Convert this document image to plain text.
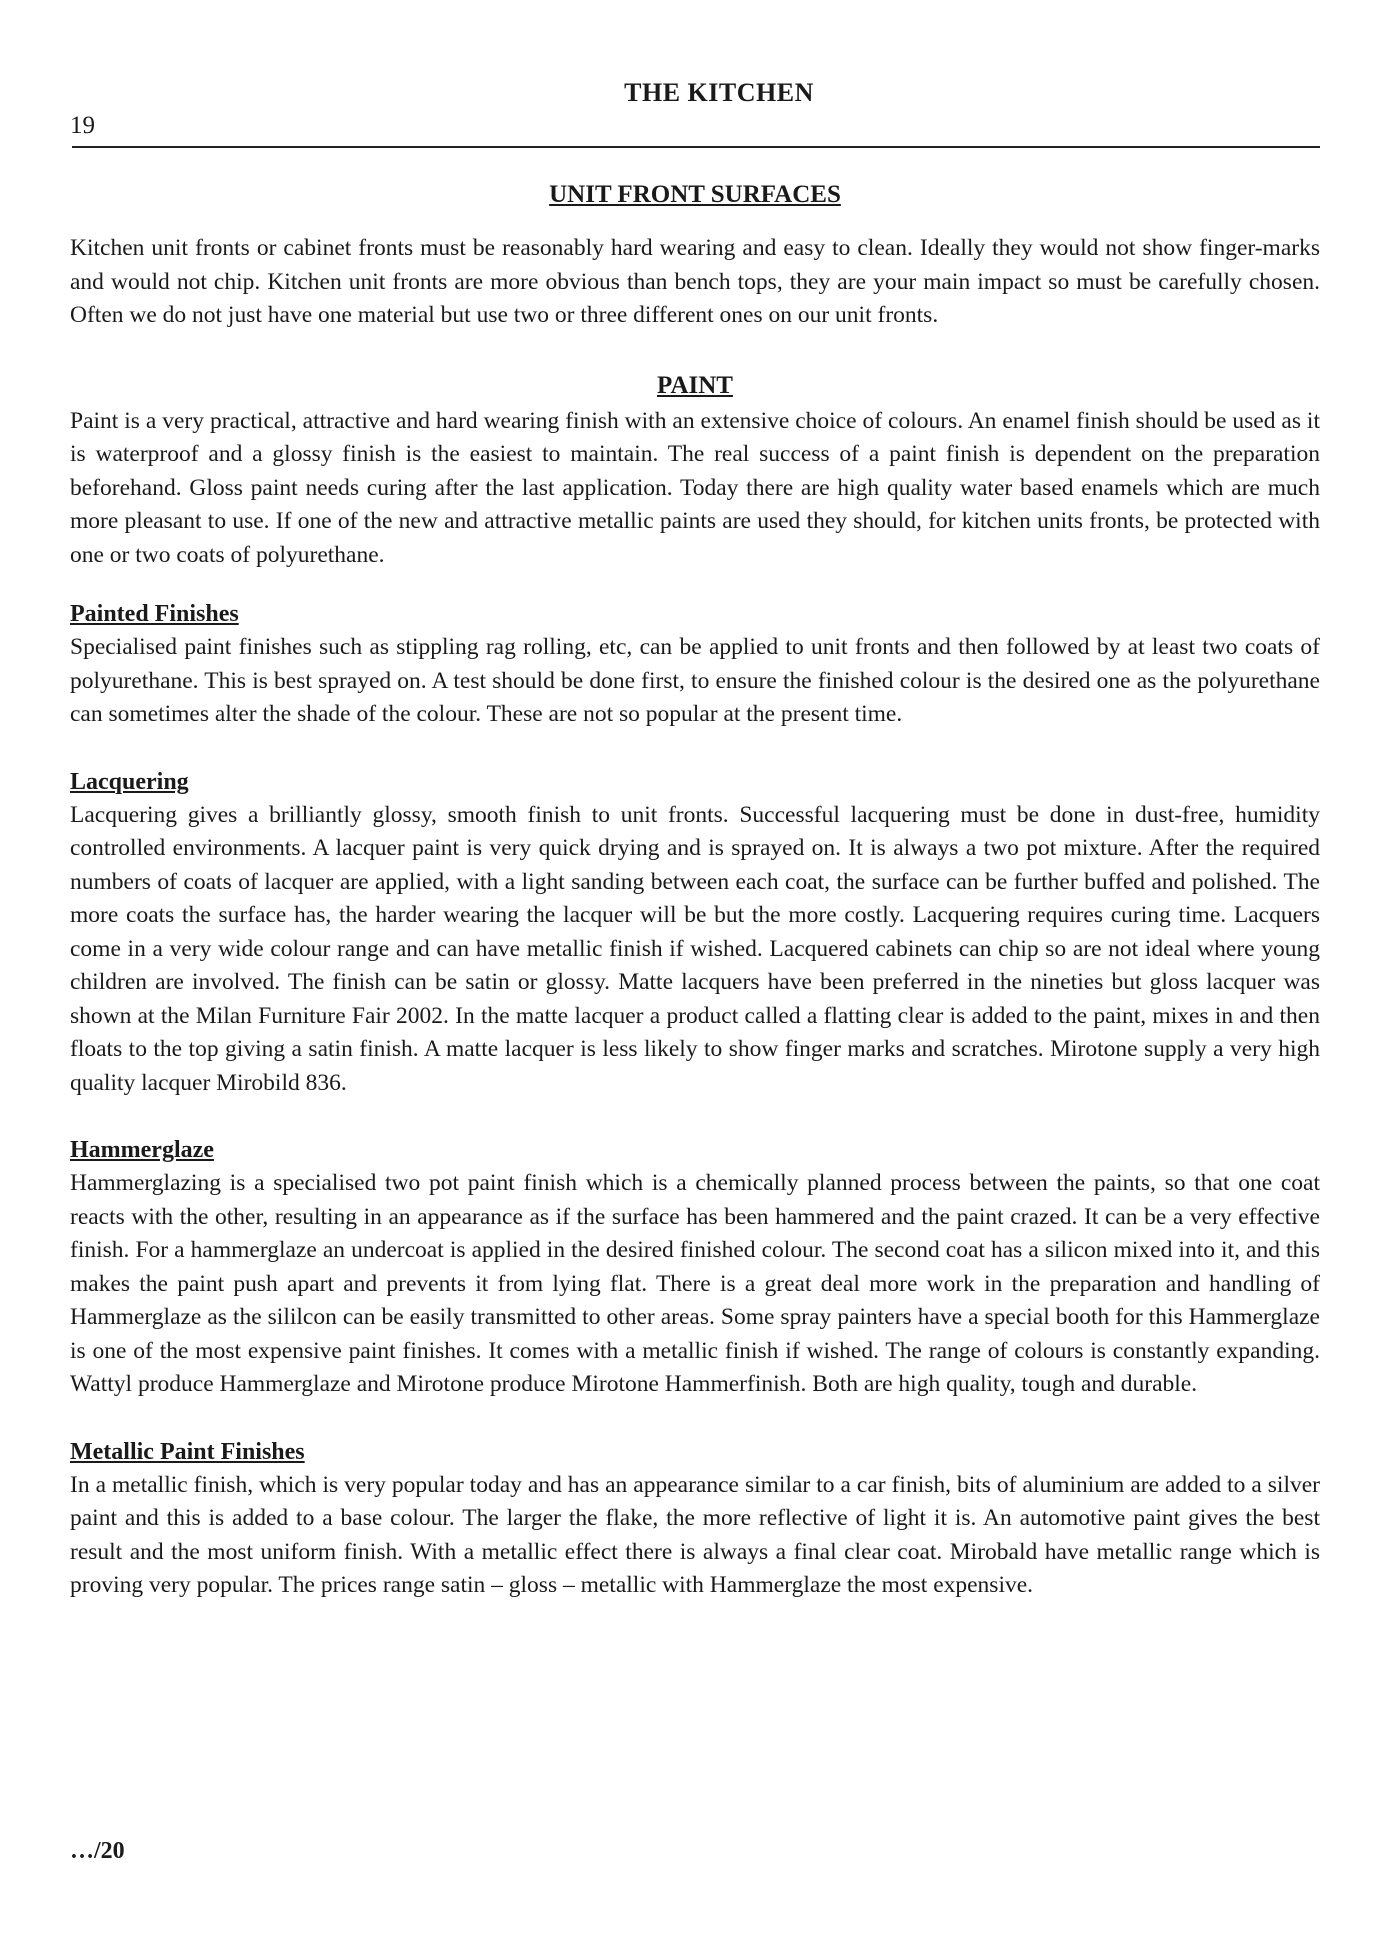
THE KITCHEN
19
UNIT FRONT SURFACES

Kitchen unit fronts or cabinet fronts must be reasonably hard wearing and easy to clean. Ideally they would not show finger-marks and would not chip. Kitchen unit fronts are more obvious than bench tops, they are your main impact so must be carefully chosen. Often we do not just have one material but use two or three different ones on our unit fronts.

PAINT

Paint is a very practical, attractive and hard wearing finish with an extensive choice of colours. An enamel finish should be used as it is waterproof and a glossy finish is the easiest to maintain. The real success of a paint finish is dependent on the preparation beforehand. Gloss paint needs curing after the last application. Today there are high quality water based enamels which are much more pleasant to use. If one of the new and attractive metallic paints are used they should, for kitchen units fronts, be protected with one or two coats of polyurethane.

Painted Finishes

Specialised paint finishes such as stippling rag rolling, etc, can be applied to unit fronts and then followed by at least two coats of polyurethane. This is best sprayed on. A test should be done first, to ensure the finished colour is the desired one as the polyurethane can sometimes alter the shade of the colour. These are not so popular at the present time.

Lacquering

Lacquering gives a brilliantly glossy, smooth finish to unit fronts. Successful lacquering must be done in dust-free, humidity controlled environments. A lacquer paint is very quick drying and is sprayed on. It is always a two pot mixture. After the required numbers of coats of lacquer are applied, with a light sanding between each coat, the surface can be further buffed and polished. The more coats the surface has, the harder wearing the lacquer will be but the more costly. Lacquering requires curing time. Lacquers come in a very wide colour range and can have metallic finish if wished. Lacquered cabinets can chip so are not ideal where young children are involved. The finish can be satin or glossy. Matte lacquers have been preferred in the nineties but gloss lacquer was shown at the Milan Furniture Fair 2002. In the matte lacquer a product called a flatting clear is added to the paint, mixes in and then floats to the top giving a satin finish. A matte lacquer is less likely to show finger marks and scratches. Mirotone supply a very high quality lacquer Mirobild 836.

Hammerglaze

Hammerglazing is a specialised two pot paint finish which is a chemically planned process between the paints, so that one coat reacts with the other, resulting in an appearance as if the surface has been hammered and the paint crazed. It can be a very effective finish. For a hammerglaze an undercoat is applied in the desired finished colour. The second coat has a silicon mixed into it, and this makes the paint push apart and prevents it from lying flat. There is a great deal more work in the preparation and handling of Hammerglaze as the sililcon can be easily transmitted to other areas. Some spray painters have a special booth for this Hammerglaze is one of the most expensive paint finishes. It comes with a metallic finish if wished. The range of colours is constantly expanding. Wattyl produce Hammerglaze and Mirotone produce Mirotone Hammerfinish. Both are high quality, tough and durable.

Metallic Paint Finishes

In a metallic finish, which is very popular today and has an appearance similar to a car finish, bits of aluminium are added to a silver paint and this is added to a base colour. The larger the flake, the more reflective of light it is. An automotive paint gives the best result and the most uniform finish. With a metallic effect there is always a final clear coat. Mirobald have metallic range which is proving very popular. The prices range satin – gloss – metallic with Hammerglaze the most expensive.

…/20
